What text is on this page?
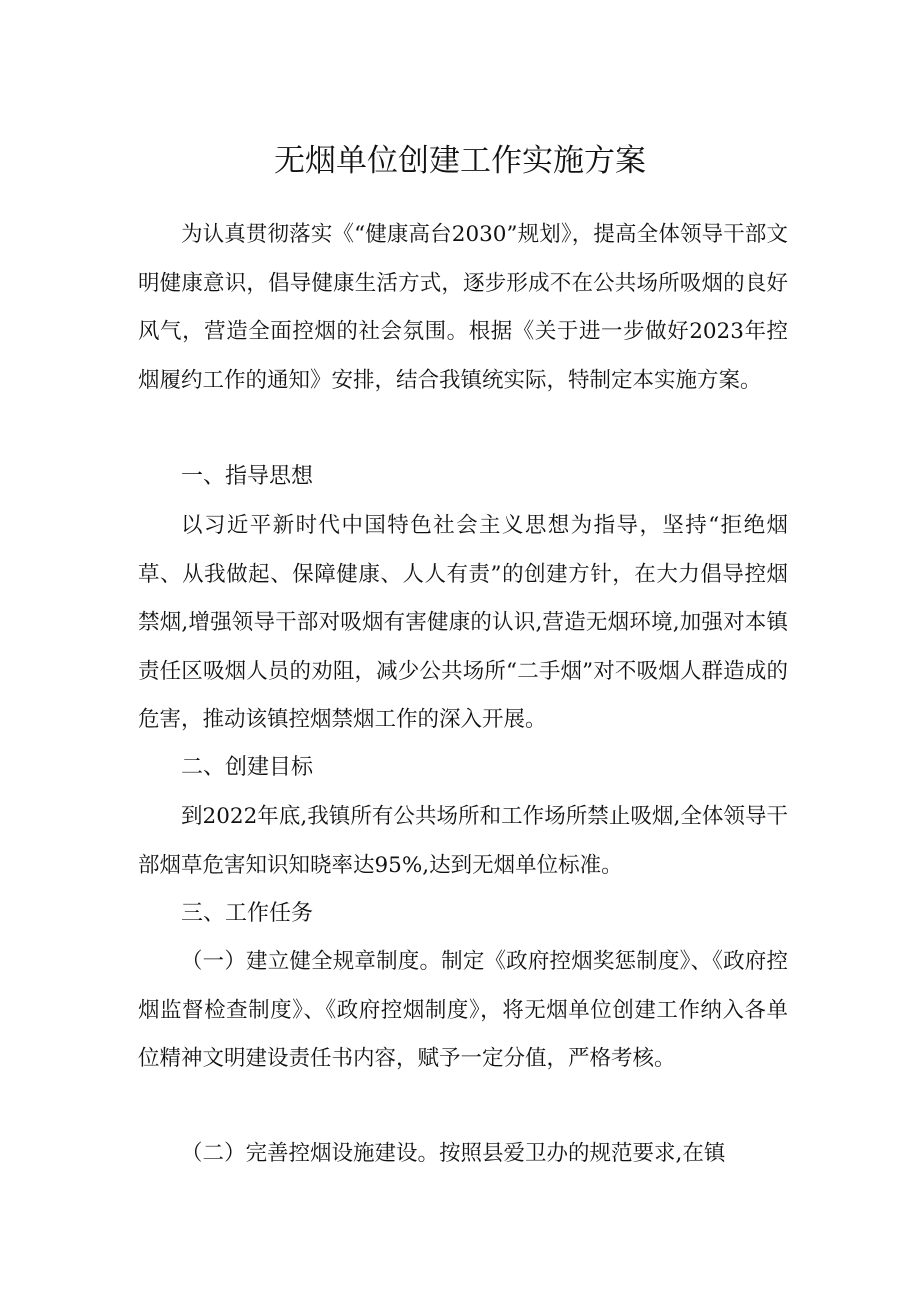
无烟单位创建工作实施方案

为认真贯彻落实《“健康高台2030”规划》，提高全体领导干部文明健康意识，倡导健康生活方式，逐步形成不在公共场所吸烟的良好风气，营造全面控烟的社会氛围。根据《关于进一步做好2023年控烟履约工作的通知》安排，结合我镇统实际，特制定本实施方案。

一、指导思想

以习近平新时代中国特色社会主义思想为指导，坚持“拒绝烟草、从我做起、保障健康、人人有责”的创建方针，在大力倡导控烟禁烟,增强领导干部对吸烟有害健康的认识,营造无烟环境,加强对本镇责任区吸烟人员的劝阻，减少公共场所“二手烟”对不吸烟人群造成的危害，推动该镇控烟禁烟工作的深入开展。

二、创建目标

到2022年底,我镇所有公共场所和工作场所禁止吸烟,全体领导干部烟草危害知识知晓率达95%,达到无烟单位标准。

三、工作任务

（一）建立健全规章制度。制定《政府控烟奖惩制度》、《政府控烟监督检查制度》、《政府控烟制度》，将无烟单位创建工作纳入各单位精神文明建设责任书内容，赋予一定分值，严格考核。

（二）完善控烟设施建设。按照县爱卫办的规范要求,在镇
